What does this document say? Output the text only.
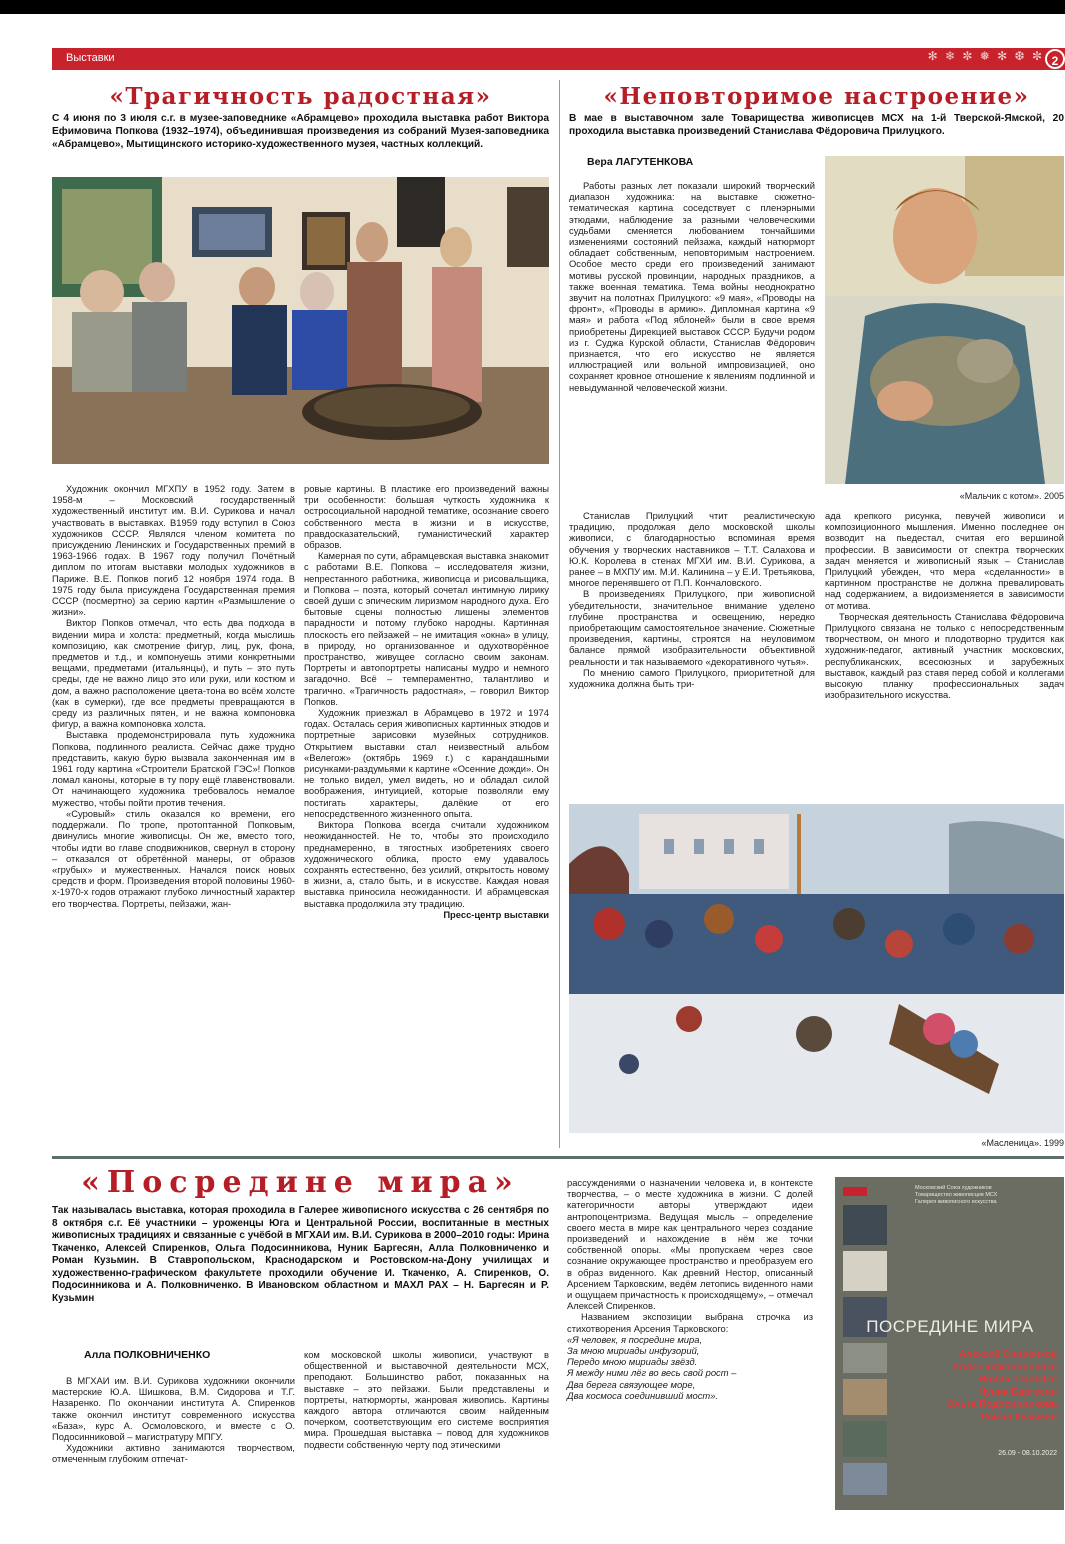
Выставки	✻ ❄ ✼ ❅ ✻ ❆ ✼ 2
«Трагичность радостная»
С 4 июня по 3 июля с.г. в музее-заповеднике «Абрамцево» проходила выставка работ Виктора Ефимовича Попкова (1932–1974), объединившая произведения из собраний Музея-заповедника «Абрамцево», Мытищинского историко-художественного музея, частных коллекций.

Художник окончил МГХПУ в 1952 году. Затем в 1958-м – Московский государственный художественный институт им. В.И. Сурикова и начал участвовать в выставках. В1959 году вступил в Союз художников СССР. Являлся членом комитета по присуждению Ленинских и Государственных премий в 1963-1966 годах. В 1967 году получил Почётный диплом по итогам выставки молодых художников в Париже. В.Е. Попков погиб 12 ноября 1974 года. В 1975 году была присуждена Государственная премия СССР (посмертно) за серию картин «Размышление о жизни».

Виктор Попков отмечал, что есть два подхода в видении мира и холста: предметный, когда мыслишь композицию, как смотрение фигур, лиц, рук, фона, предметов и т.д., и компонуешь этими конкретными вещами, предметами (итальянцы), и путь – это путь среды, где не важно лицо это или руки, или костюм и дом, а важно расположение цвета-тона во всём холсте (как в сумерки), где все предметы превращаются в среду из различных пятен, и не важна компоновка фигур, а важна компоновка холста.

Выставка продемонстрировала путь художника Попкова, подлинного реалиста. Сейчас даже трудно представить, какую бурю вызвала законченная им в 1961 году картина «Строители Братской ГЭС»! Попков ломал каноны, которые в ту пору ещё главенствовали. От начинающего художника требовалось немалое мужество, чтобы пойти против течения.

«Суровый» стиль оказался ко времени, его поддержали. По тропе, протоптанной Попковым, двинулись многие живописцы. Он же, вместо того, чтобы идти во главе сподвижников, свернул в сторону – отказался от обретённой манеры, от образов «грубых» и мужественных. Начался поиск новых средств и форм. Произведения второй половины 1960-х-1970-х годов отражают глубоко личностный характер его творчества. Портреты, пейзажи, жан-

ровые картины. В пластике его произведений важны три особенности: большая чуткость художника к остросоциальной народной тематике, осознание своего собственного места в жизни и в искусстве, правдосказательский, гуманистический характер образов.

Камерная по сути, абрамцевская выставка знакомит с работами В.Е. Попкова – исследователя жизни, непрестанного работника, живописца и рисовальщика, и Попкова – поэта, который сочетал интимную лирику своей души с эпическим лиризмом народного духа. Его бытовые сцены полностью лишены элементов парадности и потому глубоко народны. Картинная плоскость его пейзажей – не имитация «окна» в улицу, в природу, но организованное и одухотворённое пространство, живущее согласно своим законам. Портреты и автопортреты написаны мудро и немного загадочно. Всё – темпераментно, талантливо и трагично. «Трагичность радостная», – говорил Виктор Попков.

Художник приезжал в Абрамцево в 1972 и 1974 годах. Осталась серия живописных картинных этюдов и портретные зарисовки музейных сотрудников. Открытием выставки стал неизвестный альбом «Велегож» (октябрь 1969 г.) с карандашными рисунками-раздумьями к картине «Осенние дожди». Он не только видел, умел видеть, но и обладал силой воображения, интуицией, которые позволяли ему постигать характеры, далёкие от его непосредственного жизненного опыта.

Виктора Попкова всегда считали художником неожиданностей. Не то, чтобы это происходило преднамеренно, в тягостных изобретениях своего художнического облика, просто ему удавалось сохранять естественно, без усилий, открытость новому в жизни, а, стало быть, и в искусстве. Каждая новая выставка приносила неожиданности. И абрамцевская выставка продолжила эту традицию.

Пресс-центр выставки

«Неповторимое настроение»
В мае в выставочном зале Товарищества живописцев МСХ на 1-й Тверской-Ямской, 20 проходила выставка произведений Станислава Фёдоровича Прилуцкого.
Вера ЛАГУТЕНКОВА

Работы разных лет показали широкий творческий диапазон художника: на выставке сюжетно-тематическая картина соседствует с пленэрными этюдами, наблюдение за разными человеческими судьбами сменяется любованием тончайшими изменениями состояний пейзажа, каждый натюрморт обладает собственным, неповторимым настроением. Особое место среди его произведений занимают мотивы русской провинции, народных праздников, а также военная тематика. Тема войны неоднократно звучит на полотнах Прилуцкого: «9 мая», «Проводы на фронт», «Проводы в армию». Дипломная картина «9 мая» и работа «Под яблоней» были в свое время приобретены Дирекцией выставок СССР. Будучи родом из г. Суджа Курской области, Станислав Фёдорович признается, что его искусство не является иллюстрацией или вольной импровизацией, оно сохраняет кровное отношение к явлениям подлинной и невыдуманной человеческой жизни.

«Мальчик с котом». 2005

Станислав Прилуцкий чтит реалистическую традицию, продолжая дело московской школы живописи, с благодарностью вспоминая время обучения у творческих наставников – Т.Т. Салахова и Ю.К. Королева в стенах МГХИ им. В.И. Сурикова, а ранее – в МХПУ им. М.И. Калинина – у Е.И. Третьякова, многое перенявшего от П.П. Кончаловского.

В произведениях Прилуцкого, при живописной убедительности, значительное внимание уделено глубине пространства и освещению, нередко приобретающим самостоятельное значение. Сюжетные произведения, картины, строятся на неуловимом балансе прямой изобразительности объективной реальности и так называемого «декоративного чутья».

По мнению самого Прилуцкого, приоритетной для художника должна быть три-

ада крепкого рисунка, певучей живописи и композиционного мышления. Именно последнее он возводит на пьедестал, считая его вершиной профессии. В зависимости от спектра творческих задач меняется и живописный язык – Станислав Прилуцкий убежден, что мера «сделанности» в картинном пространстве не должна превалировать над содержанием, а видоизменяется в зависимости от мотива.

Творческая деятельность Станислава Фёдоровича Прилуцкого связана не только с непосредственным творчеством, он много и плодотворно трудится как художник-педагог, активный участник московских, республиканских, всесоюзных и зарубежных выставок, каждый раз ставя перед собой и коллегами высокую планку профессиональных задач изобразительного искусства.

«Масленица». 1999
«Посредине мира»
Так называлась выставка, которая проходила в Галерее живописного искусства с 26 сентября по 8 октября с.г. Её участники – уроженцы Юга и Центральной России, воспитанные в местных живописных традициях и связанные с учёбой в МГХАИ им. В.И. Сурикова в 2000–2010 годы: Ирина Ткаченко, Алексей Спиренков, Ольга Подосинникова, Нуник Баргесян, Алла Полковниченко и Роман Кузьмин. В Ставропольском, Краснодарском и Ростовском-на-Дону училищах и художественно-графическом факультете проходили обучение И. Ткаченко, А. Спиренков, О. Подосинникова и А. Полковниченко. В Ивановском областном и МАХЛ РАХ – Н. Баргесян и Р. Кузьмин
Алла ПОЛКОВНИЧЕНКО

В МГХАИ им. В.И. Сурикова художники окончили мастерские Ю.А. Шишкова, В.М. Сидорова и Т.Г. Назаренко. По окончании института А. Спиренков также окончил институт современного искусства «База», курс А. Осмоловского, и вместе с О. Подосинниковой – магистратуру МПГУ.

Художники активно занимаются творчеством, отмеченным глубоким отпечат-

ком московской школы живописи, участвуют в общественной и выставочной деятельности МСХ, преподают. Большинство работ, показанных на выставке – это пейзажи. Были представлены и портреты, натюрморты, жанровая живопись. Картины каждого автора отличаются своим найденным почерком, соответствующим его системе восприятия мира. Прошедшая выставка – повод для художников подвести собственную черту под этическими

рассуждениями о назначении человека и, в контексте творчества, – о месте художника в жизни. С долей категоричности авторы утверждают идеи антропоцентризма. Ведущая мысль – определение своего места в мире как центрального через создание произведений и нахождение в нём же точки собственной опоры. «Мы пропускаем через свое сознание окружающее пространство и преобразуем его в образ виденного. Как древний Нестор, описанный Арсением Тарковским, ведём летопись виденного нами и ощущаем причастность к происходящему», – отмечал Алексей Спиренков.

Названием экспозиции выбрана строчка из стихотворения Арсения Тарковского:

«Я человек, я посредине мира,

За мною мириады инфузорий,

Передо мною мириады звёзд.

Я между ними лёг во весь свой рост –

Два берега связующее море,

Два космоса соединивший мост».

Московский Союз художников
Товарищество живописцев МСХ
Галерея живописного искусства
ПОСРЕДИНЕ МИРА
Алексей Спиренков
Алла Полковниченко
Ирина Ткаченко
Нуник Баргесян
Ольга Подосинникова
Роман Кузьмин
26.09 - 08.10.2022
